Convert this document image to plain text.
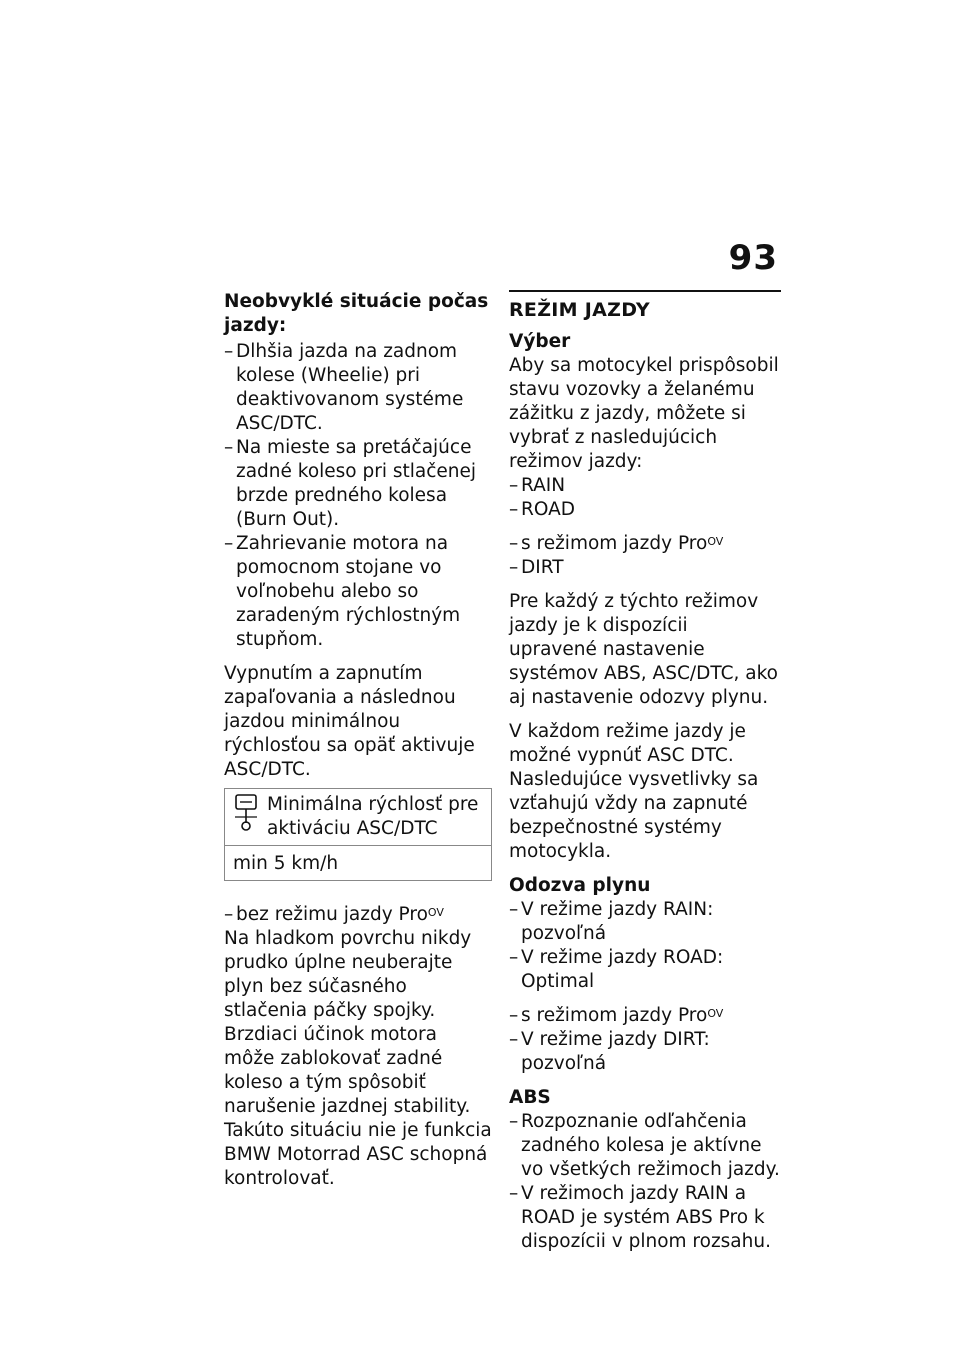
93
Neobvyklé situácie počas jazdy:
– Dlhšia jazda na zadnom kolese (Wheelie) pri deaktivovanom systéme ASC/DTC.
– Na mieste sa pretáčajúce zadné koleso pri stlačenej brzde predného kolesa (Burn Out).
– Zahrievanie motora na pomocnom stojane vo voľnobehu alebo so zaradeným rýchlostným stupňom.
Vypnutím a zapnutím zapaľovania a následnou jazdou minimálnou rýchlosťou sa opäť aktivuje ASC/DTC.
Minimálna rýchlosť pre aktiváciu ASC/DTC
min 5 km/h
– bez režimu jazdy Pro$^{OV}$
Na hladkom povrchu nikdy prudko úplne neuberajte plyn bez súčasného stlačenia páčky spojky. Brzdiaci účinok motora môže zablokovať zadné koleso a tým spôsobiť narušenie jazdnej stability. Takúto situáciu nie je funkcia BMW Motorrad ASC schopná kontrolovať.
REŽIM JAZDY
Výber
Aby sa motocykel prispôsobil stavu vozovky a želanému zážitku z jazdy, môžete si vybrať z nasledujúcich režimov jazdy:
– RAIN
– ROAD
– s režimom jazdy Pro$^{OV}$
– DIRT
Pre každý z týchto režimov jazdy je k dispozícii upravené nastavenie systémov ABS, ASC/DTC, ako aj nastavenie odozvy plynu.
V každom režime jazdy je možné vypnúť ASC DTC. Nasledujúce vysvetlivky sa vzťahujú vždy na zapnuté bezpečnostné systémy motocykla.
Odozva plynu
– V režime jazdy RAIN: pozvoľná
– V režime jazdy ROAD: Optimal
– s režimom jazdy Pro$^{OV}$
– V režime jazdy DIRT: pozvoľná
ABS
– Rozpoznanie odľahčenia zadného kolesa je aktívne vo všetkých režimoch jazdy.
– V režimoch jazdy RAIN a ROAD je systém ABS Pro k dispozícii v plnom rozsahu.
